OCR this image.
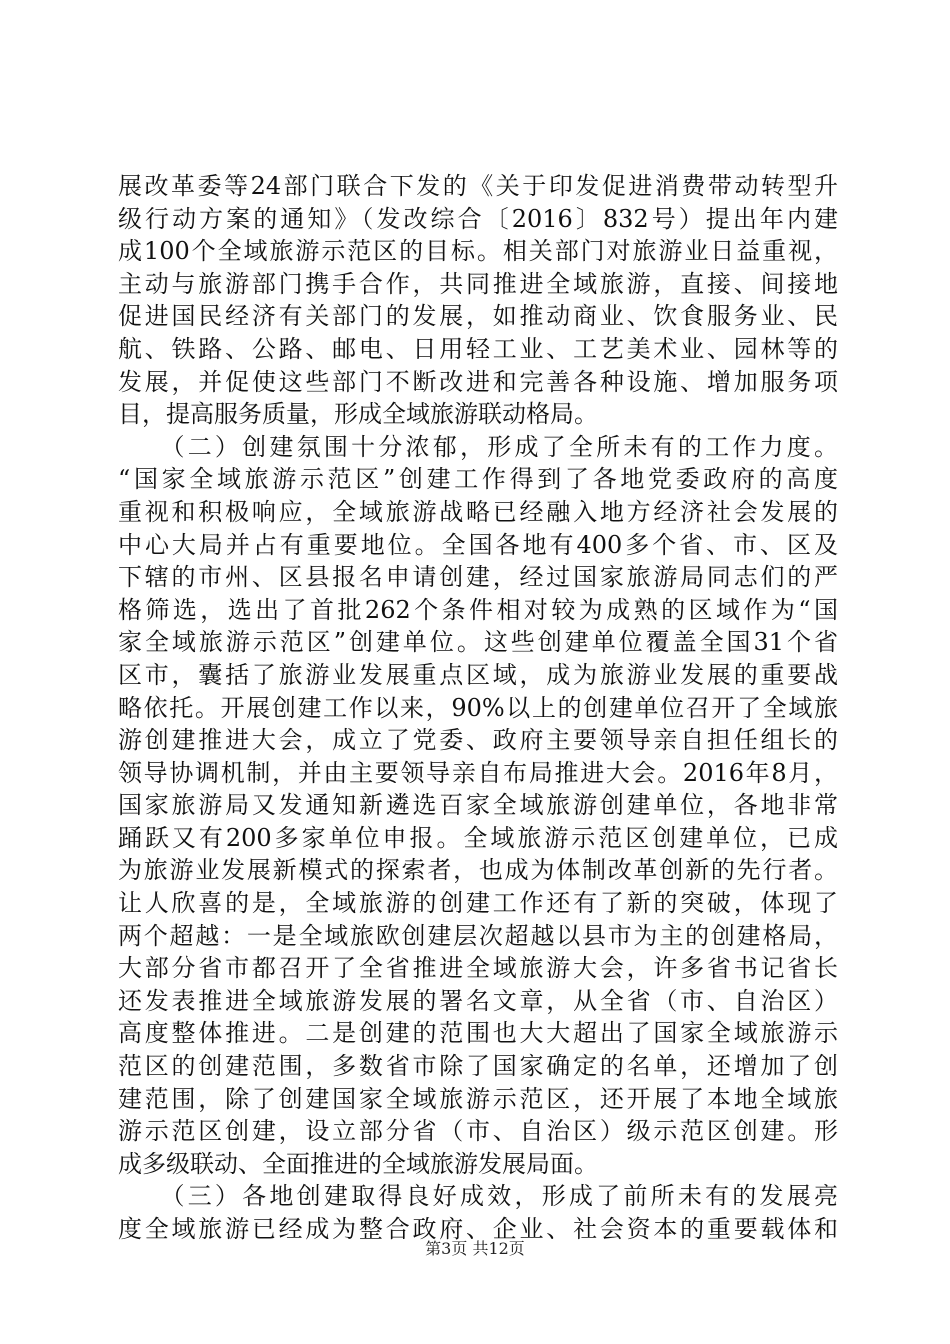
展改革委等24部门联合下发的《关于印发促进消费带动转型升
级行动方案的通知》（发改综合〔2016〕832号）提出年内建
成100个全域旅游示范区的目标。相关部门对旅游业日益重视，
主动与旅游部门携手合作，共同推进全域旅游，直接、间接地
促进国民经济有关部门的发展，如推动商业、饮食服务业、民
航、铁路、公路、邮电、日用轻工业、工艺美术业、园林等的
发展，并促使这些部门不断改进和完善各种设施、增加服务项
目，提高服务质量，形成全域旅游联动格局。
　　（二）创建氛围十分浓郁，形成了全所未有的工作力度。
“国家全域旅游示范区”创建工作得到了各地党委政府的高度
重视和积极响应，全域旅游战略已经融入地方经济社会发展的
中心大局并占有重要地位。全国各地有400多个省、市、区及
下辖的市州、区县报名申请创建，经过国家旅游局同志们的严
格筛选，选出了首批262个条件相对较为成熟的区域作为“国
家全域旅游示范区”创建单位。这些创建单位覆盖全国31个省
区市，囊括了旅游业发展重点区域，成为旅游业发展的重要战
略依托。开展创建工作以来，90%以上的创建单位召开了全域旅
游创建推进大会，成立了党委、政府主要领导亲自担任组长的
领导协调机制，并由主要领导亲自布局推进大会。2016年8月，
国家旅游局又发通知新遴选百家全域旅游创建单位，各地非常
踊跃又有200多家单位申报。全域旅游示范区创建单位，已成
为旅游业发展新模式的探索者，也成为体制改革创新的先行者。
让人欣喜的是，全域旅游的创建工作还有了新的突破，体现了
两个超越：一是全域旅欧创建层次超越以县市为主的创建格局，
大部分省市都召开了全省推进全域旅游大会，许多省书记省长
还发表推进全域旅游发展的署名文章，从全省（市、自治区）
高度整体推进。二是创建的范围也大大超出了国家全域旅游示
范区的创建范围，多数省市除了国家确定的名单，还增加了创
建范围，除了创建国家全域旅游示范区，还开展了本地全域旅
游示范区创建，设立部分省（市、自治区）级示范区创建。形
成多级联动、全面推进的全域旅游发展局面。
　　（三）各地创建取得良好成效，形成了前所未有的发展亮
度全域旅游已经成为整合政府、企业、社会资本的重要载体和
第3页 共12页
